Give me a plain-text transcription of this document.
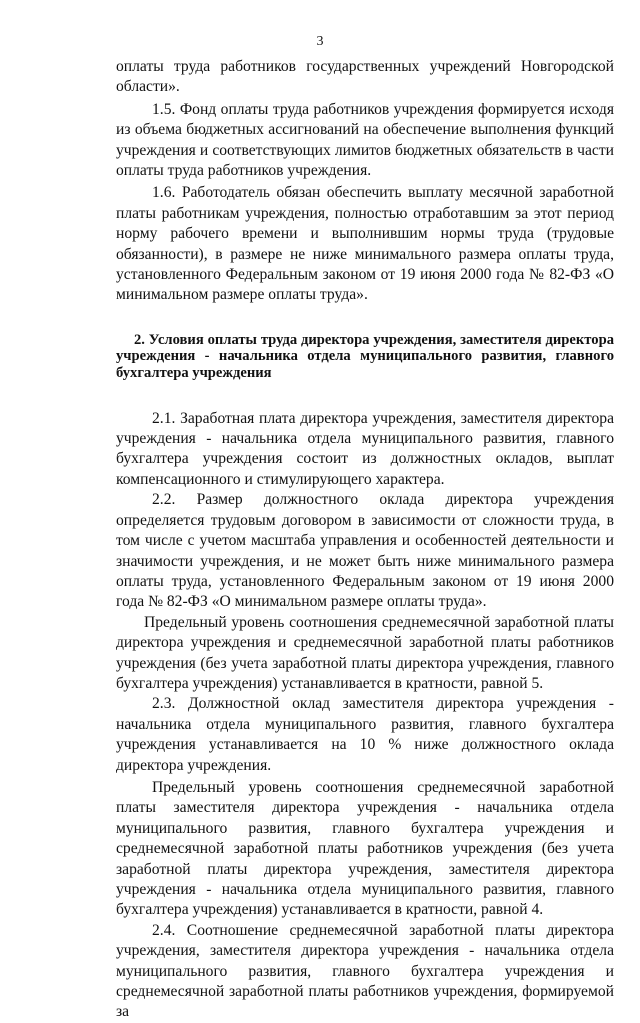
3

оплаты труда работников государственных учреждений Новгородской области».

1.5. Фонд оплаты труда работников учреждения формируется исходя из объема бюджетных ассигнований на обеспечение выполнения функций учреждения и соответствующих лимитов бюджетных обязательств в части оплаты труда работников учреждения.

1.6. Работодатель обязан обеспечить выплату месячной заработной платы работникам учреждения, полностью отработавшим за этот период норму рабочего времени и выполнившим нормы труда (трудовые обязанности), в размере не ниже минимального размера оплаты труда, установленного Федеральным законом от 19 июня 2000 года № 82-ФЗ «О минимальном размере оплаты труда».

2. Условия оплаты труда директора учреждения, заместителя директора учреждения - начальника отдела муниципального развития, главного бухгалтера учреждения

2.1. Заработная плата директора учреждения, заместителя директора учреждения - начальника отдела муниципального развития, главного бухгалтера учреждения состоит из должностных окладов, выплат компенсационного и стимулирующего характера.

2.2. Размер должностного оклада директора учреждения определяется трудовым договором в зависимости от сложности труда, в том числе с учетом масштаба управления и особенностей деятельности и значимости учреждения, и не может быть ниже минимального размера оплаты труда, установленного Федеральным законом от 19 июня 2000 года № 82-ФЗ «О минимальном размере оплаты труда».

Предельный уровень соотношения среднемесячной заработной платы директора учреждения и среднемесячной заработной платы работников учреждения (без учета заработной платы директора учреждения, главного бухгалтера учреждения) устанавливается в кратности, равной 5.

2.3. Должностной оклад заместителя директора учреждения - начальника отдела муниципального развития, главного бухгалтера учреждения устанавливается на 10 % ниже должностного оклада директора учреждения.

Предельный уровень соотношения среднемесячной заработной платы заместителя директора учреждения - начальника отдела муниципального развития, главного бухгалтера учреждения и среднемесячной заработной платы работников учреждения (без учета заработной платы директора учреждения, заместителя директора учреждения - начальника отдела муниципального развития, главного бухгалтера учреждения) устанавливается в кратности, равной 4.

2.4. Соотношение среднемесячной заработной платы директора учреждения, заместителя директора учреждения - начальника отдела муниципального развития, главного бухгалтера учреждения и среднемесячной заработной платы работников учреждения, формируемой за
